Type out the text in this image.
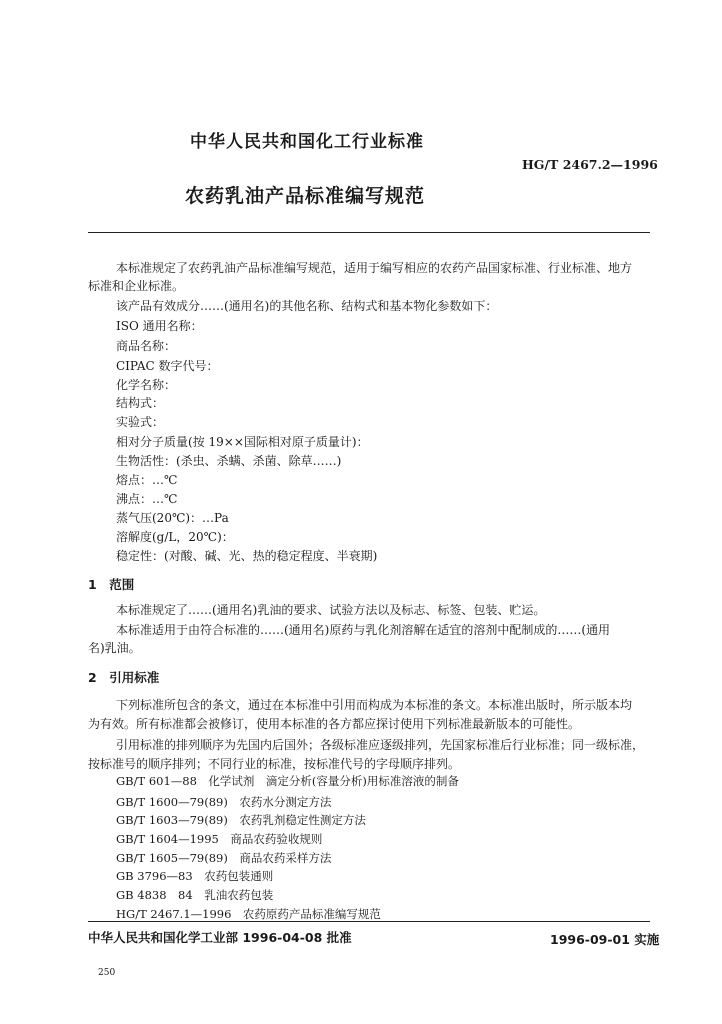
中华人民共和国化工行业标准
HG/T 2467.2—1996
农药乳油产品标准编写规范
本标准规定了农药乳油产品标准编写规范，适用于编写相应的农药产品国家标准、行业标准、地方
标准和企业标准。
该产品有效成分……(通用名)的其他名称、结构式和基本物化参数如下：
ISO 通用名称：
商品名称：
CIPAC 数字代号：
化学名称：
结构式：
实验式：
相对分子质量(按 19××国际相对原子质量计)：
生物活性：(杀虫、杀螨、杀菌、除草……)
熔点：…℃
沸点：…℃
蒸气压(20℃)：…Pa
溶解度(g/L，20℃)：
稳定性：(对酸、碱、光、热的稳定程度、半衰期)
1　范围
本标准规定了……(通用名)乳油的要求、试验方法以及标志、标签、包装、贮运。
本标准适用于由符合标准的……(通用名)原药与乳化剂溶解在适宜的溶剂中配制成的……(通用
名)乳油。
2　引用标准
下列标准所包含的条文，通过在本标准中引用而构成为本标准的条文。本标准出版时，所示版本均
为有效。所有标准都会被修订，使用本标准的各方都应探讨使用下列标准最新版本的可能性。
引用标准的排列顺序为先国内后国外；各级标准应逐级排列，先国家标准后行业标准；同一级标准，
按标准号的顺序排列；不同行业的标准，按标准代号的字母顺序排列。
GB/T 601—88　化学试剂　滴定分析(容量分析)用标准溶液的制备
GB/T 1600—79(89)　农药水分测定方法
GB/T 1603—79(89)　农药乳剂稳定性测定方法
GB/T 1604—1995　商品农药验收规则
GB/T 1605—79(89)　商品农药采样方法
GB 3796—83　农药包装通则
GB 4838　84　乳油农药包装
HG/T 2467.1—1996　农药原药产品标准编写规范
中华人民共和国化学工业部 1996-04-08 批准	1996-09-01 实施
250
